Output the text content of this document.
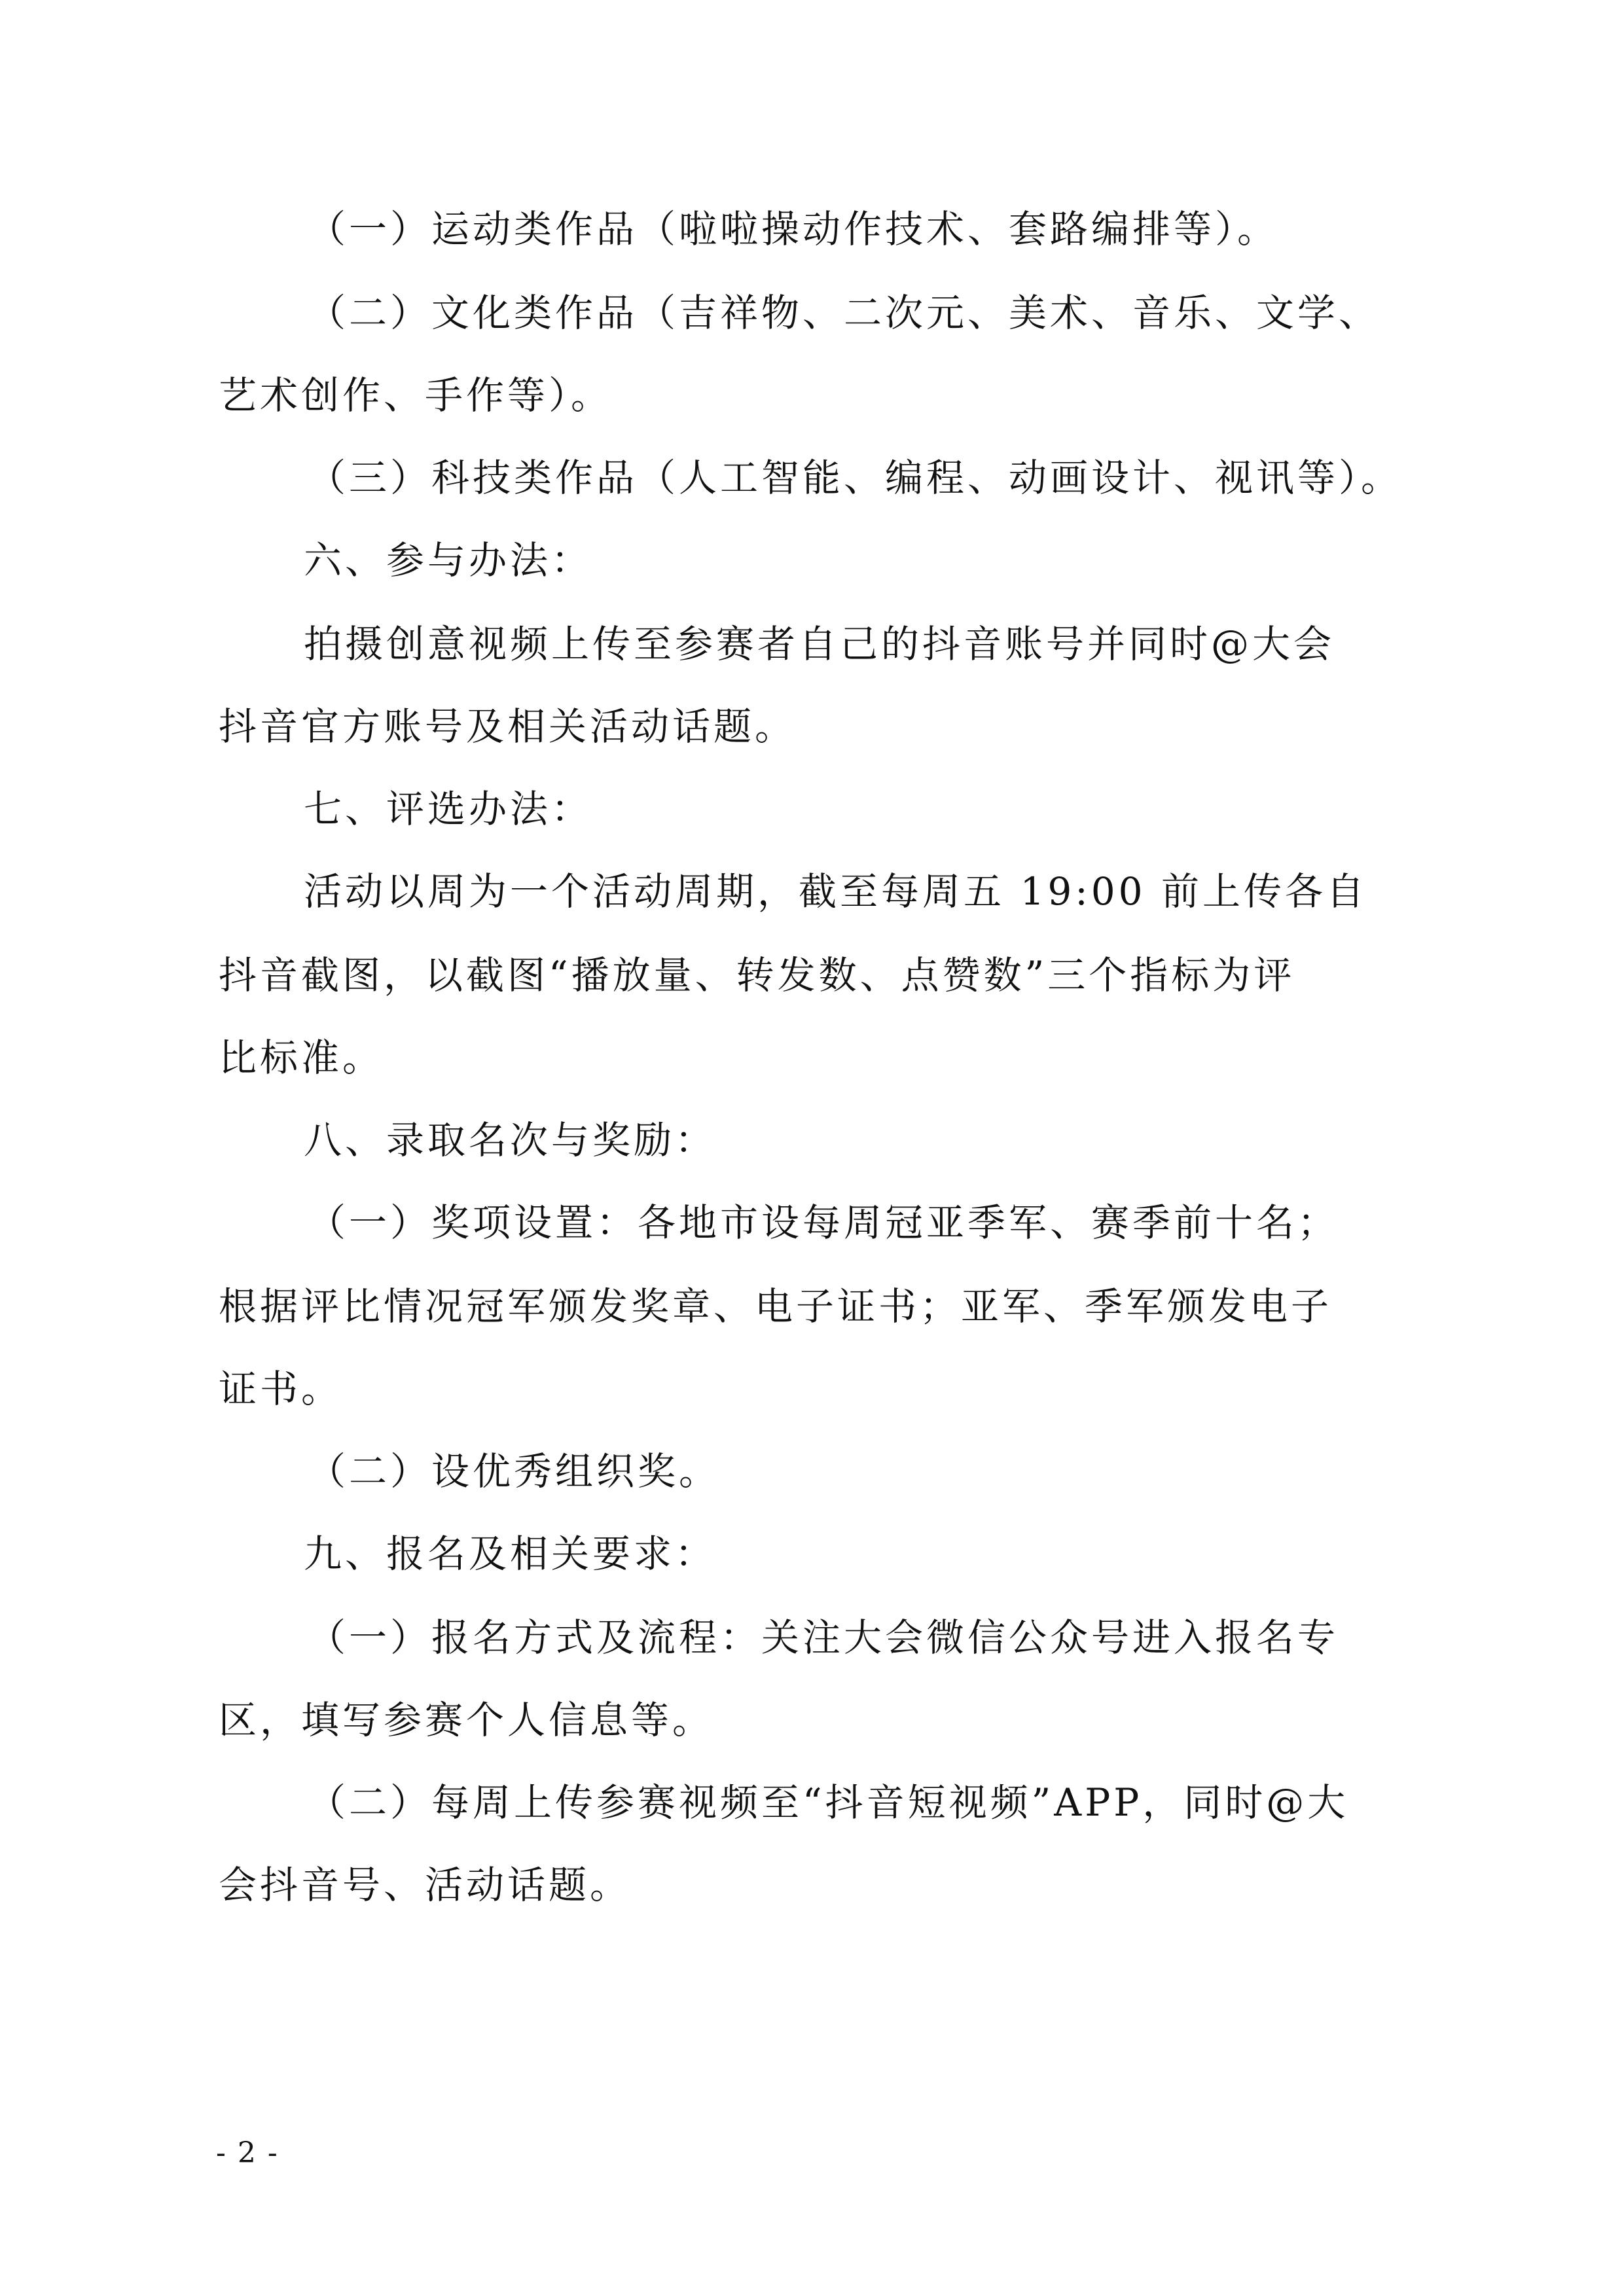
（一）运动类作品（啦啦操动作技术、套路编排等）。
（二）文化类作品（吉祥物、二次元、美术、音乐、文学、
艺术创作、手作等）。
（三）科技类作品（人工智能、编程、动画设计、视讯等）。
六、参与办法：
拍摄创意视频上传至参赛者自己的抖音账号并同时@大会
抖音官方账号及相关活动话题。
七、评选办法：
活动以周为一个活动周期，截至每周五 19:00 前上传各自
抖音截图，以截图“播放量、转发数、点赞数”三个指标为评
比标准。
八、录取名次与奖励：
（一）奖项设置：各地市设每周冠亚季军、赛季前十名；
根据评比情况冠军颁发奖章、电子证书；亚军、季军颁发电子
证书。
（二）设优秀组织奖。
九、报名及相关要求：
（一）报名方式及流程：关注大会微信公众号进入报名专
区，填写参赛个人信息等。
（二）每周上传参赛视频至“抖音短视频”APP，同时@大
会抖音号、活动话题。
- 2 -
